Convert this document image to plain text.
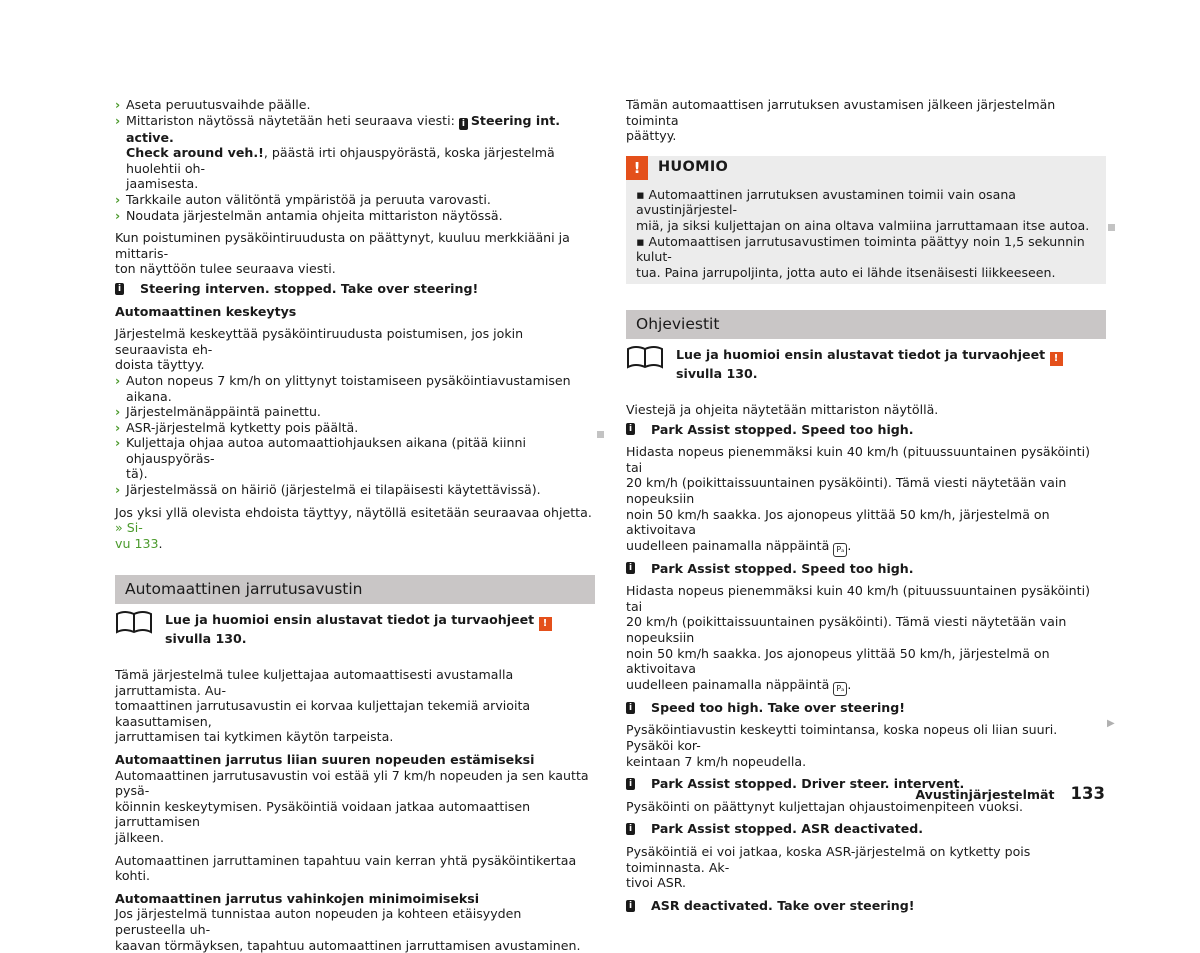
› Aseta peruutusvaihde päälle.
› Mittariston näytössä näytetään heti seuraava viesti: i Steering int. active.
Check around veh.!, päästä irti ohjauspyörästä, koska järjestelmä huolehtii oh-
jaamisesta.
› Tarkkaile auton välitöntä ympäristöä ja peruuta varovasti.
› Noudata järjestelmän antamia ohjeita mittariston näytössä.

Kun poistuminen pysäköintiruudusta on päättynyt, kuuluu merkkiääni ja mittaris-
ton näyttöön tulee seuraava viesti.

i Steering interven. stopped. Take over steering!

Automaattinen keskeytys

Järjestelmä keskeyttää pysäköintiruudusta poistumisen, jos jokin seuraavista eh-
doista täyttyy.

› Auton nopeus 7 km/h on ylittynyt toistamiseen pysäköintiavustamisen aikana.
› Järjestelmänäppäintä painettu.
› ASR-järjestelmä kytketty pois päältä.
› Kuljettaja ohjaa autoa automaattiohjauksen aikana (pitää kiinni ohjauspyöräs-
tä).
› Järjestelmässä on häiriö (järjestelmä ei tilapäisesti käytettävissä).

Jos yksi yllä olevista ehdoista täyttyy, näytöllä esitetään seuraavaa ohjetta. » Si-
vu 133.

Automaattinen jarrutusavustin
Lue ja huomioi ensin alustavat tiedot ja turvaohjeet ! sivulla 130.

Tämä järjestelmä tulee kuljettajaa automaattisesti avustamalla jarruttamista. Au-
tomaattinen jarrutusavustin ei korvaa kuljettajan tekemiä arvioita kaasuttamisen,
jarruttamisen tai kytkimen käytön tarpeista.

Automaattinen jarrutus liian suuren nopeuden estämiseksi

Automaattinen jarrutusavustin voi estää yli 7 km/h nopeuden ja sen kautta pysä-
köinnin keskeytymisen. Pysäköintiä voidaan jatkaa automaattisen jarruttamisen
jälkeen.

Automaattinen jarruttaminen tapahtuu vain kerran yhtä pysäköintikertaa kohti.

Automaattinen jarrutus vahinkojen minimoimiseksi

Jos järjestelmä tunnistaa auton nopeuden ja kohteen etäisyyden perusteella uh-
kaavan törmäyksen, tapahtuu automaattinen jarruttamisen avustaminen.

Tämän automaattisen jarrutuksen avustamisen jälkeen järjestelmän toiminta
päättyy.

!	HUOMIO

▪ Automaattinen jarrutuksen avustaminen toimii vain osana avustinjärjestel-
miä, ja siksi kuljettajan on aina oltava valmiina jarruttamaan itse autoa.

▪ Automaattisen jarrutusavustimen toiminta päättyy noin 1,5 sekunnin kulut-
tua. Paina jarrupoljinta, jotta auto ei lähde itsenäisesti liikkeeseen.

Ohjeviestit
Lue ja huomioi ensin alustavat tiedot ja turvaohjeet ! sivulla 130.

Viestejä ja ohjeita näytetään mittariston näytöllä.

i Park Assist stopped. Speed too high.

Hidasta nopeus pienemmäksi kuin 40 km/h (pituussuuntainen pysäköinti) tai
20 km/h (poikittaissuuntainen pysäköinti). Tämä viesti näytetään vain nopeuksiin
noin 50 km/h saakka. Jos ajonopeus ylittää 50 km/h, järjestelmä on aktivoitava
uudelleen painamalla näppäintä Pₐ .

i Park Assist stopped. Speed too high.

Hidasta nopeus pienemmäksi kuin 40 km/h (pituussuuntainen pysäköinti) tai
20 km/h (poikittaissuuntainen pysäköinti). Tämä viesti näytetään vain nopeuksiin
noin 50 km/h saakka. Jos ajonopeus ylittää 50 km/h, järjestelmä on aktivoitava
uudelleen painamalla näppäintä Pₐ .

i Speed too high. Take over steering!

Pysäköintiavustin keskeytti toimintansa, koska nopeus oli liian suuri. Pysäköi kor-
keintaan 7 km/h nopeudella.

i Park Assist stopped. Driver steer. intervent.

Pysäköinti on päättynyt kuljettajan ohjaustoimenpiteen vuoksi.

i Park Assist stopped. ASR deactivated.

Pysäköintiä ei voi jatkaa, koska ASR-järjestelmä on kytketty pois toiminnasta. Ak-
tivoi ASR.

i ASR deactivated. Take over steering!
▶
Avustinjärjestelmät 133
